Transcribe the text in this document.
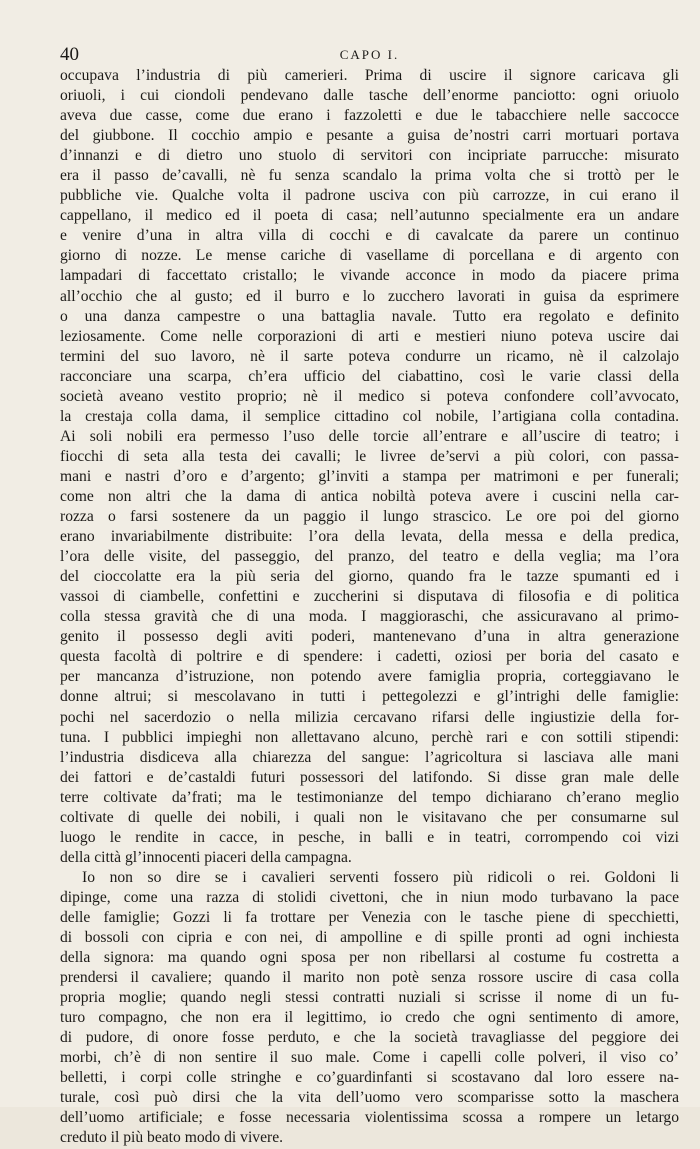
40	CAPO I.
occupava l’industria di più camerieri. Prima di uscire il signore caricava gli
oriuoli, i cui ciondoli pendevano dalle tasche dell’enorme panciotto: ogni oriuolo
aveva due casse, come due erano i fazzoletti e due le tabacchiere nelle saccocce
del giubbone. Il cocchio ampio e pesante a guisa de’nostri carri mortuari portava
d’innanzi e di dietro uno stuolo di servitori con incipriate parrucche: misurato
era il passo de’cavalli, nè fu senza scandalo la prima volta che si trottò per le
pubbliche vie. Qualche volta il padrone usciva con più carrozze, in cui erano il
cappellano, il medico ed il poeta di casa; nell’autunno specialmente era un andare
e venire d’una in altra villa di cocchi e di cavalcate da parere un continuo
giorno di nozze. Le mense cariche di vasellame di porcellana e di argento con
lampadari di faccettato cristallo; le vivande acconce in modo da piacere prima
all’occhio che al gusto; ed il burro e lo zucchero lavorati in guisa da esprimere
o una danza campestre o una battaglia navale. Tutto era regolato e definito
leziosamente. Come nelle corporazioni di arti e mestieri niuno poteva uscire dai
termini del suo lavoro, nè il sarte poteva condurre un ricamo, nè il calzolajo
racconciare una scarpa, ch’era ufficio del ciabattino, così le varie classi della
società aveano vestito proprio; nè il medico si poteva confondere coll’avvocato,
la crestaja colla dama, il semplice cittadino col nobile, l’artigiana colla contadina.
Ai soli nobili era permesso l’uso delle torcie all’entrare e all’uscire di teatro; i
fiocchi di seta alla testa dei cavalli; le livree de’servi a più colori, con passa-
mani e nastri d’oro e d’argento; gl’inviti a stampa per matrimoni e per funerali;
come non altri che la dama di antica nobiltà poteva avere i cuscini nella car-
rozza o farsi sostenere da un paggio il lungo strascico. Le ore poi del giorno
erano invariabilmente distribuite: l’ora della levata, della messa e della predica,
l’ora delle visite, del passeggio, del pranzo, del teatro e della veglia; ma l’ora
del cioccolatte era la più seria del giorno, quando fra le tazze spumanti ed i
vassoi di ciambelle, confettini e zuccherini si disputava di filosofia e di politica
colla stessa gravità che di una moda. I maggioraschi, che assicuravano al primo-
genito il possesso degli aviti poderi, mantenevano d’una in altra generazione
questa facoltà di poltrire e di spendere: i cadetti, oziosi per boria del casato e
per mancanza d’istruzione, non potendo avere famiglia propria, corteggiavano le
donne altrui; si mescolavano in tutti i pettegolezzi e gl’intrighi delle famiglie:
pochi nel sacerdozio o nella milizia cercavano rifarsi delle ingiustizie della for-
tuna. I pubblici impieghi non allettavano alcuno, perchè rari e con sottili stipendi:
l’industria disdiceva alla chiarezza del sangue: l’agricoltura si lasciava alle mani
dei fattori e de’castaldi futuri possessori del latifondo. Si disse gran male delle
terre coltivate da’frati; ma le testimonianze del tempo dichiarano ch’erano meglio
coltivate di quelle dei nobili, i quali non le visitavano che per consumarne sul
luogo le rendite in cacce, in pesche, in balli e in teatri, corrompendo coi vizi
della città gl’innocenti piaceri della campagna.
Io non so dire se i cavalieri serventi fossero più ridicoli o rei. Goldoni li
dipinge, come una razza di stolidi civettoni, che in niun modo turbavano la pace
delle famiglie; Gozzi li fa trottare per Venezia con le tasche piene di specchietti,
di bossoli con cipria e con nei, di ampolline e di spille pronti ad ogni inchiesta
della signora: ma quando ogni sposa per non ribellarsi al costume fu costretta a
prendersi il cavaliere; quando il marito non potè senza rossore uscire di casa colla
propria moglie; quando negli stessi contratti nuziali si scrisse il nome di un fu-
turo compagno, che non era il legittimo, io credo che ogni sentimento di amore,
di pudore, di onore fosse perduto, e che la società travagliasse del peggiore dei
morbi, ch’è di non sentire il suo male. Come i capelli colle polveri, il viso co’
belletti, i corpi colle stringhe e co’guardinfanti si scostavano dal loro essere na-
turale, così può dirsi che la vita dell’uomo vero scomparisse sotto la maschera
dell’uomo artificiale; e fosse necessaria violentissima scossa a rompere un letargo
creduto il più beato modo di vivere.
